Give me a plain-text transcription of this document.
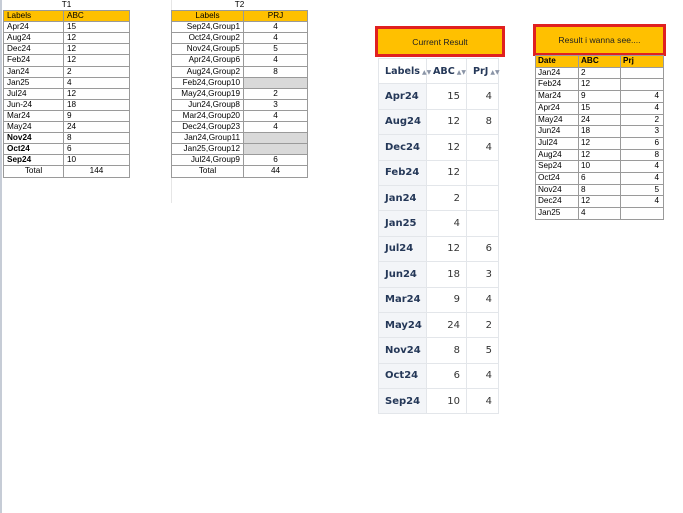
T1	
Labels	ABC
Apr24	15
Aug24	12
Dec24	12
Feb24	12
Jan24	2
Jan25	4
Jul24	12
Jun-24	18
Mar24	9
May24	24
Nov24	8
Oct24	6
Sep24	10
Total	144
T2	
Labels	PRJ
Sep24,Group1	4
Oct24,Group2	4
Nov24,Group5	5
Apr24,Group6	4
Aug24,Group2	8
Feb24,Group10	
May24,Group19	2
Jun24,Group8	3
Mar24,Group20	4
Dec24,Group23	4
Jan24,Group11	
Jan25,Group12	
Jul24,Group9	6
Total	44
Current Result
Labels ▲▼	ABC ▲▼	PrJ ▲▼
Apr24	15	4
Aug24	12	8
Dec24	12	4
Feb24	12	
Jan24	2	
Jan25	4	
Jul24	12	6
Jun24	18	3
Mar24	9	4
May24	24	2
Nov24	8	5
Oct24	6	4
Sep24	10	4
Result i wanna see....
Date	ABC	Prj
Jan24	2	
Feb24	12	
Mar24	9	4
Apr24	15	4
May24	24	2
Jun24	18	3
Jul24	12	6
Aug24	12	8
Sep24	10	4
Oct24	6	4
Nov24	8	5
Dec24	12	4
Jan25	4	
